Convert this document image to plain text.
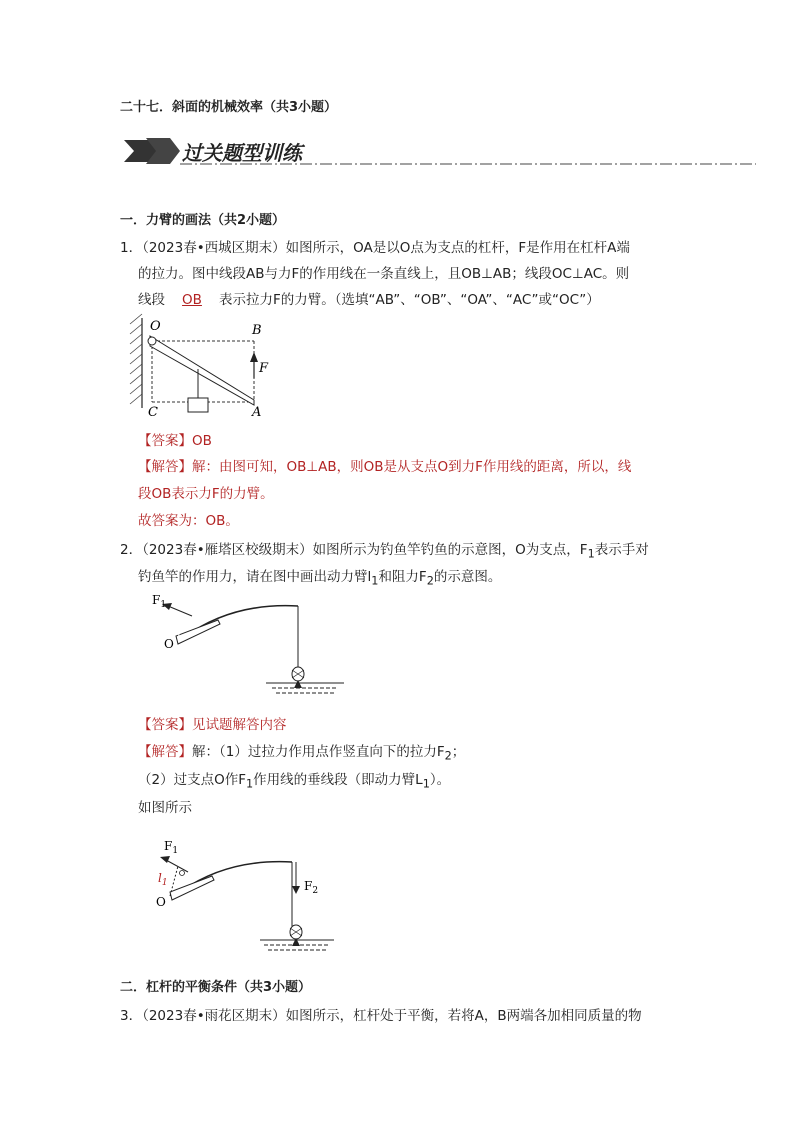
二十七．斜面的机械效率（共3小题）
过关题型训练
一．力臂的画法（共2小题）
1．（2023春•西城区期末）如图所示，OA是以O点为支点的杠杆，F是作用在杠杆A端
的拉力。图中线段AB与力F的作用线在一条直线上，且OB⊥AB；线段OC⊥AC。则
线段 OB 表示拉力F的力臂。（选填“AB”、“OB”、“OA”、“AC”或“OC”）
O	B
F
C	A
【答案】OB
【解答】解：由图可知，OB⊥AB，则OB是从支点O到力F作用线的距离，所以，线
段OB表示力F的力臂。
故答案为：OB。
2．（2023春•雁塔区校级期末）如图所示为钓鱼竿钓鱼的示意图，O为支点，$F_1$表示手对
钓鱼竿的作用力，请在图中画出动力臂$l_1$和阻力$F_2$的示意图。
$F_1$
O
【答案】见试题解答内容
【解答】解：（1）过拉力作用点作竖直向下的拉力$F_2$；
（2）过支点O作$F_1$作用线的垂线段（即动力臂$L_1$）。
如图所示
$F_1$
$l_1$
O
$F_2$
二．杠杆的平衡条件（共3小题）
3．（2023春•雨花区期末）如图所示，杠杆处于平衡，若将A，B两端各加相同质量的物
